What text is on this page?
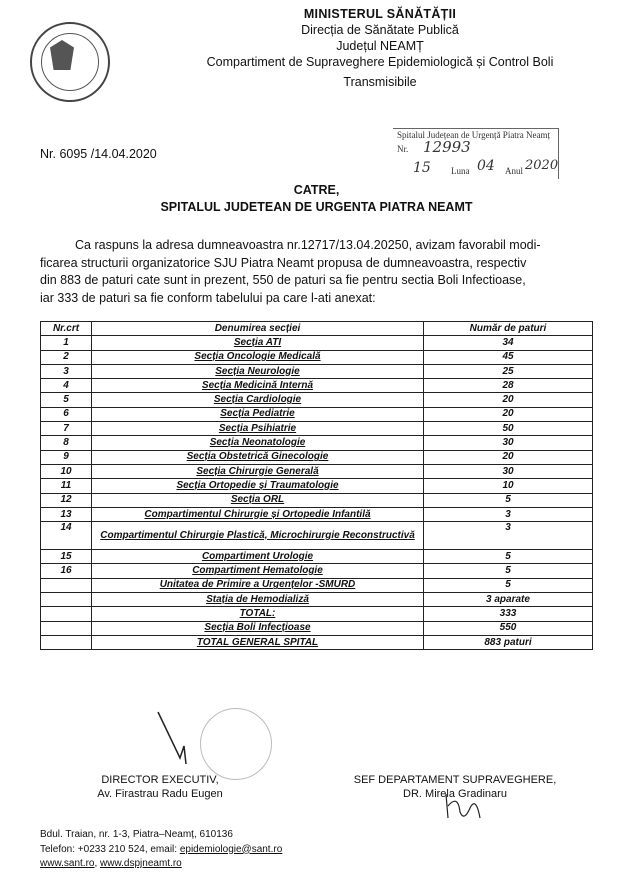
MINISTERUL SĂNĂTĂȚII
Direcția de Sănătate Publică
Județul NEAMȚ
Compartiment de Supraveghere Epidemiologică și Control Boli
Transmisibile
Spitalul Județean de Urgență Piatra Neamț
Nr. 12993
15 Luna 04 Anul 2020
Nr. 6095 /14.04.2020
CATRE,
SPITALUL JUDETEAN DE URGENTA PIATRA NEAMT
Ca raspuns la adresa dumneavoastra nr.12717/13.04.20250, avizam favorabil modi-
ficarea structurii organizatorice SJU Piatra Neamt propusa de dumneavoastra, respectiv
din 883 de paturi cate sunt in prezent, 550 de paturi sa fie pentru sectia Boli Infectioase,
iar 333 de paturi sa fie conform tabelului pa care l-ati anexat:
Nr.crt	Denumirea secției	Număr de paturi
1	Secția ATI	34
2	Secția Oncologie Medicală	45
3	Secția Neurologie	25
4	Secția Medicină Internă	28
5	Secția Cardiologie	20
6	Secția Pediatrie	20
7	Secția Psihiatrie	50
8	Secția Neonatologie	30
9	Secția Obstetrică Ginecologie	20
10	Secția Chirurgie Generală	30
11	Secția Ortopedie și Traumatologie	10
12	Secția ORL	5
13	Compartimentul Chirurgie și Ortopedie Infantilă	3
14	Compartimentul Chirurgie Plastică, Microchirurgie Reconstructivă	3
15	Compartiment Urologie	5
16	Compartiment Hematologie	5
	Unitatea de Primire a Urgențelor -SMURD	5
	Stația de Hemodializă	3 aparate
	TOTAL:	333
	Secția Boli Infecțioase	550
	TOTAL GENERAL SPITAL	883 paturi
DIRECTOR EXECUTIV,
Av. Firastrau Radu Eugen
SEF DEPARTAMENT SUPRAVEGHERE,
DR. Mirela Gradinaru
Bdul. Traian, nr. 1-3, Piatra–Neamț, 610136
Telefon: +0233 210 524, email: epidemiologie@sant.ro
www.sant.ro, www.dspjneamt.ro
